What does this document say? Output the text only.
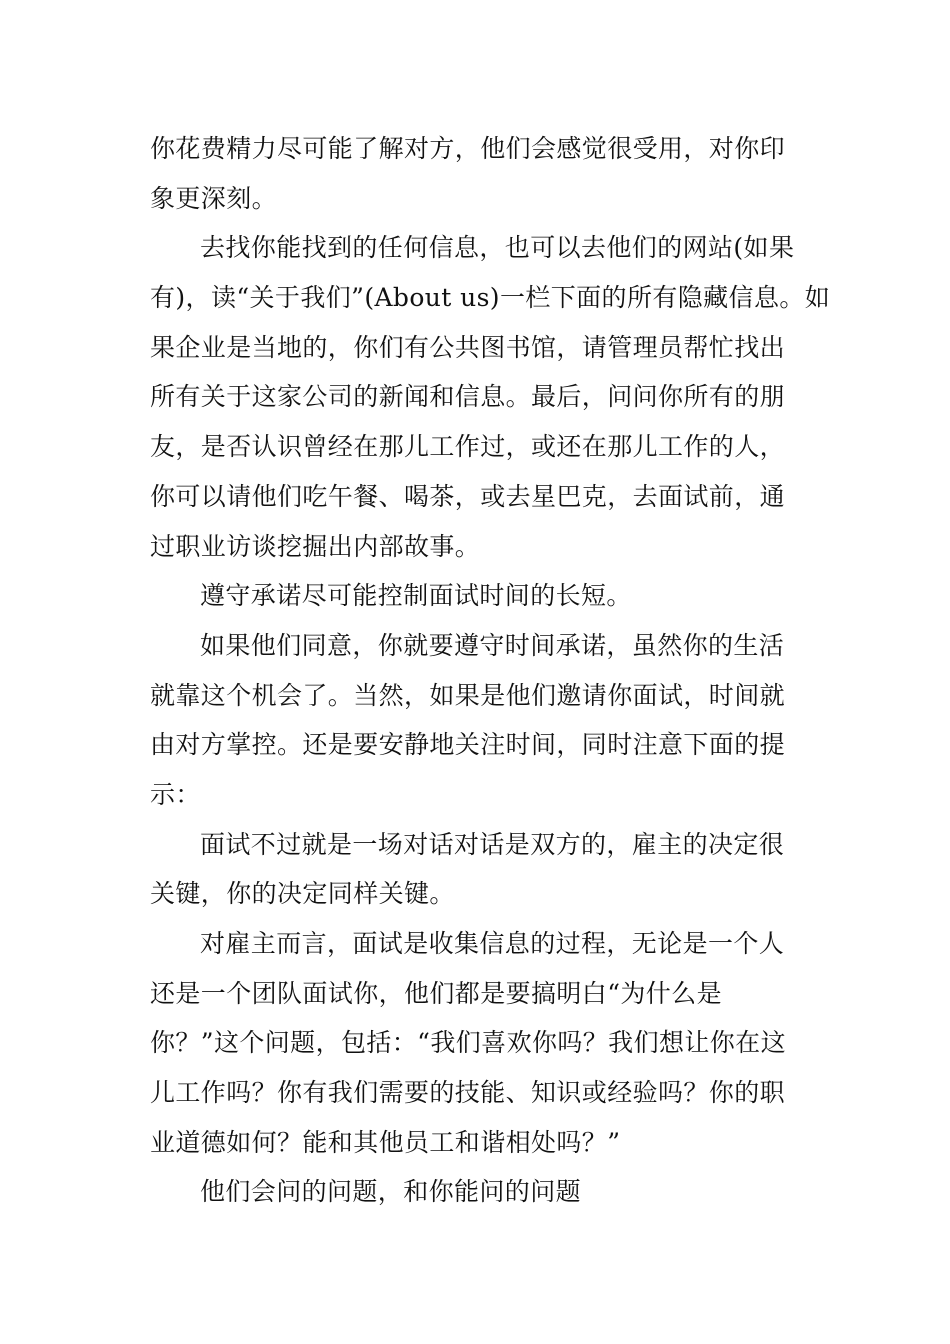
你花费精力尽可能了解对方，他们会感觉很受用，对你印
象更深刻。
去找你能找到的任何信息，也可以去他们的网站(如果
有)，读“关于我们”(About us)一栏下面的所有隐藏信息。如
果企业是当地的，你们有公共图书馆，请管理员帮忙找出
所有关于这家公司的新闻和信息。最后，问问你所有的朋
友，是否认识曾经在那儿工作过，或还在那儿工作的人，
你可以请他们吃午餐、喝茶，或去星巴克，去面试前，通
过职业访谈挖掘出内部故事。
遵守承诺尽可能控制面试时间的长短。
如果他们同意，你就要遵守时间承诺，虽然你的生活
就靠这个机会了。当然，如果是他们邀请你面试，时间就
由对方掌控。还是要安静地关注时间，同时注意下面的提
示：
面试不过就是一场对话对话是双方的，雇主的决定很
关键，你的决定同样关键。
对雇主而言，面试是收集信息的过程，无论是一个人
还是一个团队面试你，他们都是要搞明白“为什么是
你？”这个问题，包括：“我们喜欢你吗？我们想让你在这
儿工作吗？你有我们需要的技能、知识或经验吗？你的职
业道德如何？能和其他员工和谐相处吗？”
他们会问的问题，和你能问的问题
